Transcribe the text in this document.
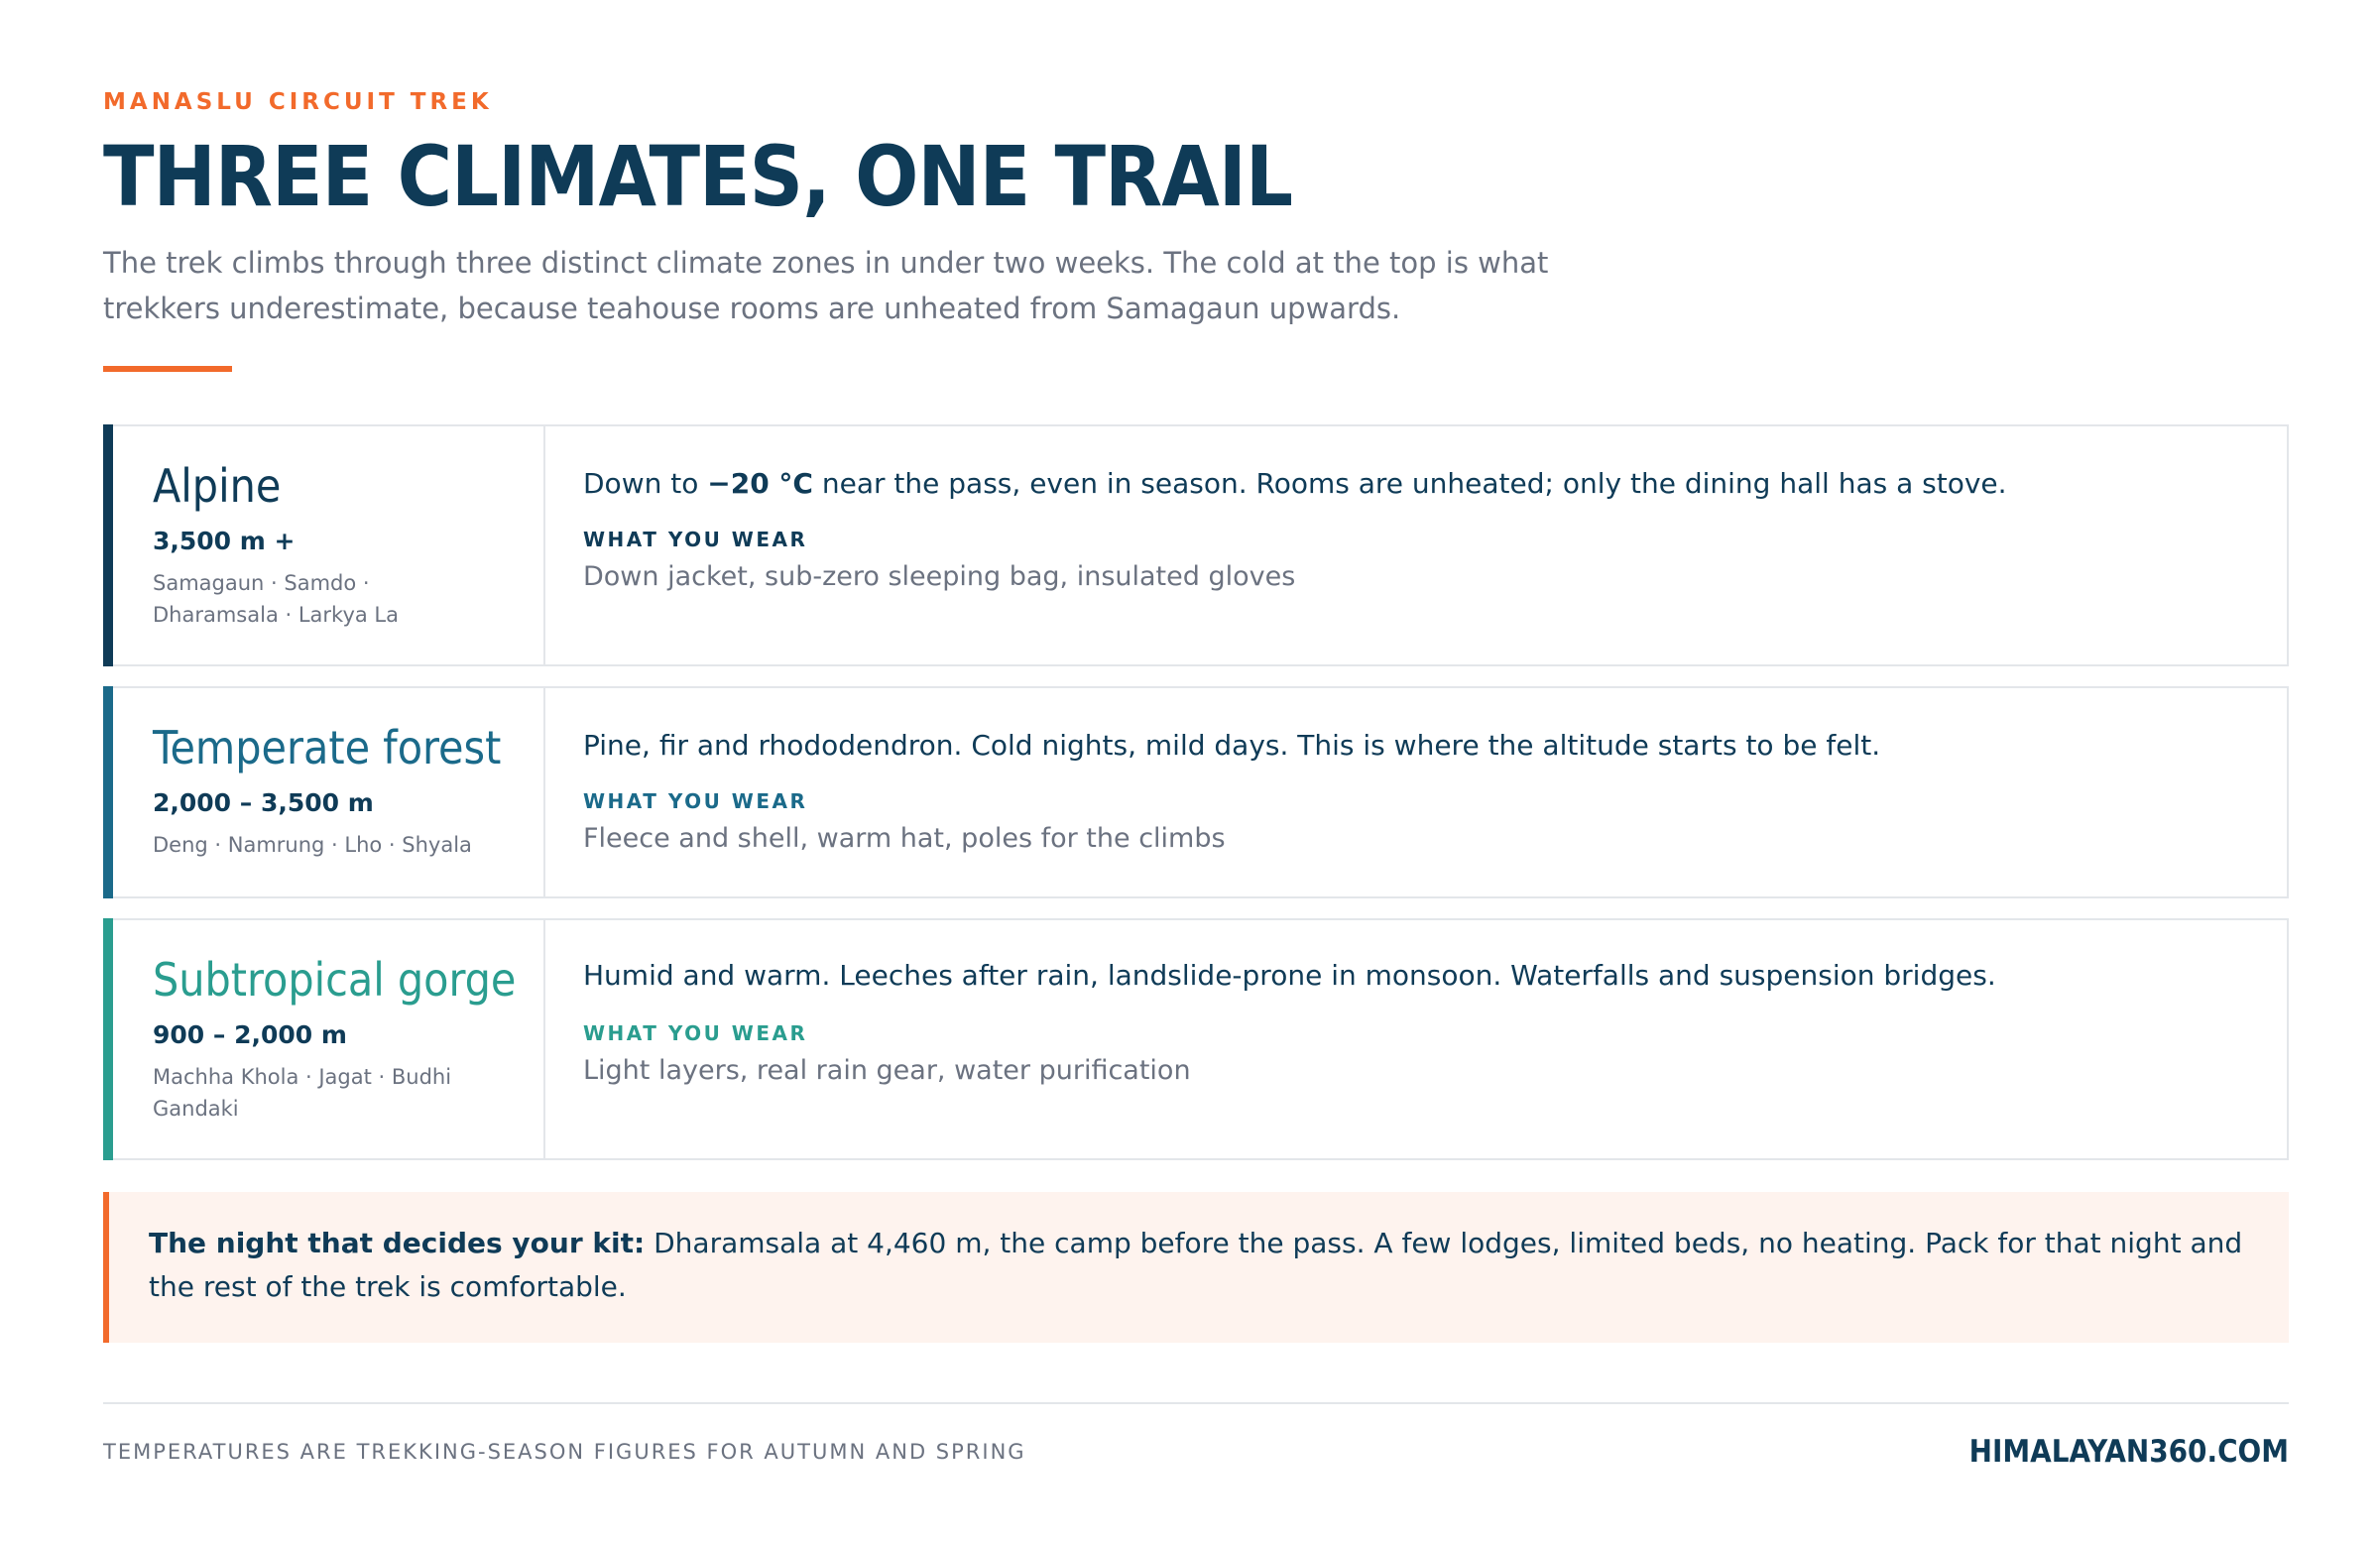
MANASLU CIRCUIT TREK
THREE CLIMATES, ONE TRAIL

The trek climbs through three distinct climate zones in under two weeks. The cold at the top is what trekkers underestimate, because teahouse rooms are unheated from Samagaun upwards.

Alpine
3,500 m +
Samagaun · Samdo · Dharamsala · Larkya La
Down to −20 °C near the pass, even in season. Rooms are unheated; only the dining hall has a stove.
WHAT YOU WEAR
Down jacket, sub-zero sleeping bag, insulated gloves
Temperate forest
2,000 – 3,500 m
Deng · Namrung · Lho · Shyala
Pine, fir and rhododendron. Cold nights, mild days. This is where the altitude starts to be felt.
WHAT YOU WEAR
Fleece and shell, warm hat, poles for the climbs
Subtropical gorge
900 – 2,000 m
Machha Khola · Jagat · Budhi Gandaki
Humid and warm. Leeches after rain, landslide-prone in monsoon. Waterfalls and suspension bridges.
WHAT YOU WEAR
Light layers, real rain gear, water purification

The night that decides your kit: Dharamsala at 4,460 m, the camp before the pass. A few lodges, limited beds, no heating. Pack for that night and the rest of the trek is comfortable.

TEMPERATURES ARE TREKKING-SEASON FIGURES FOR AUTUMN AND SPRING	HIMALAYAN360.COM
